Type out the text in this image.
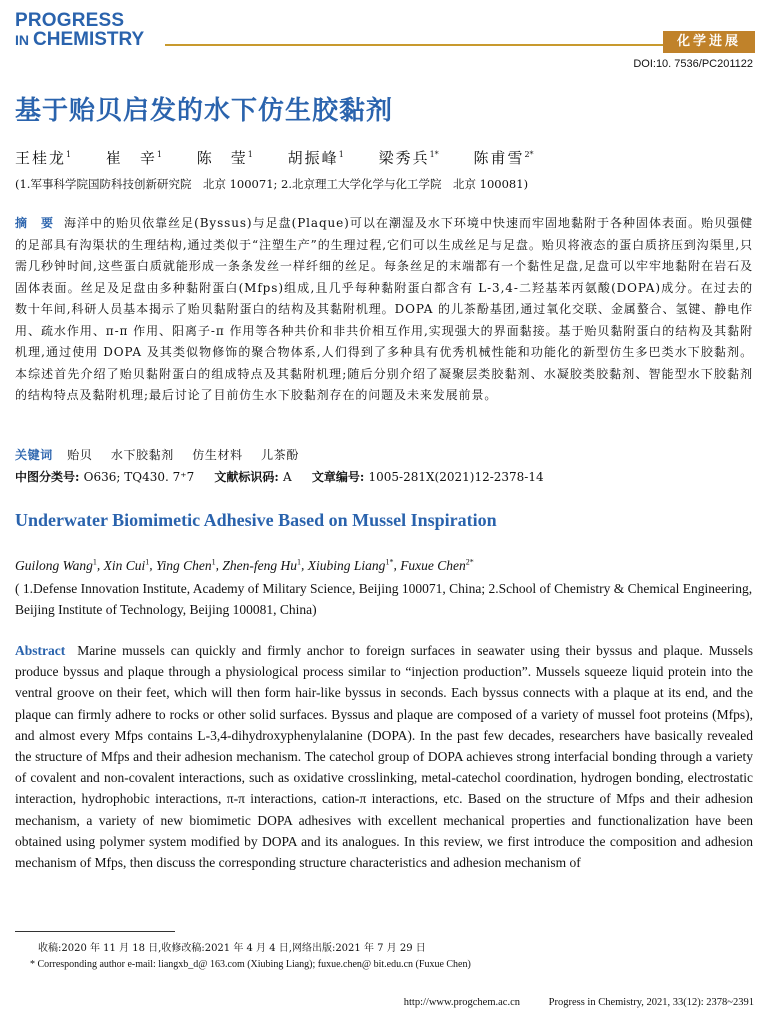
PROGRESS
IN CHEMISTRY	化学进展
DOI:10. 7536/PC201122
基于贻贝启发的水下仿生胶黏剂
王桂龙$^1$ 崔　辛$^1$ 陈　莹$^1$ 胡振峰$^1$ 梁秀兵$^{1*}$ 陈甫雪$^{2*}$
(1.军事科学院国防科技创新研究院　北京 100071; 2.北京理工大学化学与化工学院　北京 100081)
摘　要 海洋中的贻贝依靠丝足(Byssus)与足盘(Plaque)可以在潮湿及水下环境中快速而牢固地黏附于各种固体表面。贻贝强健的足部具有沟渠状的生理结构,通过类似于“注塑生产”的生理过程,它们可以生成丝足与足盘。贻贝将液态的蛋白质挤压到沟渠里,只需几秒钟时间,这些蛋白质就能形成一条条发丝一样纤细的丝足。每条丝足的末端都有一个黏性足盘,足盘可以牢牢地黏附在岩石及固体表面。丝足及足盘由多种黏附蛋白(Mfps)组成,且几乎每种黏附蛋白都含有 L-3,4-二羟基苯丙氨酸(DOPA)成分。在过去的数十年间,科研人员基本揭示了贻贝黏附蛋白的结构及其黏附机理。DOPA 的儿茶酚基团,通过氧化交联、金属螯合、氢键、静电作用、疏水作用、π-π 作用、阳离子-π 作用等各种共价和非共价相互作用,实现强大的界面黏接。基于贻贝黏附蛋白的结构及其黏附机理,通过使用 DOPA 及其类似物修饰的聚合物体系,人们得到了多种具有优秀机械性能和功能化的新型仿生多巴类水下胶黏剂。本综述首先介绍了贻贝黏附蛋白的组成特点及其黏附机理;随后分别介绍了凝聚层类胶黏剂、水凝胶类胶黏剂、智能型水下胶黏剂的结构特点及黏附机理;最后讨论了目前仿生水下胶黏剂存在的问题及未来发展前景。
关键词 贻贝 水下胶黏剂 仿生材料 儿茶酚
中图分类号: O636; TQ430. 7⁺7 文献标识码: A 文章编号: 1005-281X(2021)12-2378-14
Underwater Biomimetic Adhesive Based on Mussel Inspiration
Guilong Wang$^1$, Xin Cui$^1$, Ying Chen$^1$, Zhen-feng Hu$^1$, Xiubing Liang$^{1*}$, Fuxue Chen$^{2*}$
( 1.Defense Innovation Institute, Academy of Military Science, Beijing 100071, China; 2.School of Chemistry & Chemical Engineering, Beijing Institute of Technology, Beijing 100081, China)
Abstract Marine mussels can quickly and firmly anchor to foreign surfaces in seawater using their byssus and plaque. Mussels produce byssus and plaque through a physiological process similar to “injection production”. Mussels squeeze liquid protein into the ventral groove on their feet, which will then form hair-like byssus in seconds. Each byssus connects with a plaque at its end, and the plaque can firmly adhere to rocks or other solid surfaces. Byssus and plaque are composed of a variety of mussel foot proteins (Mfps), and almost every Mfps contains L-3,4-dihydroxyphenylalanine (DOPA). In the past few decades, researchers have basically revealed the structure of Mfps and their adhesion mechanism. The catechol group of DOPA achieves strong interfacial bonding through a variety of covalent and non-covalent interactions, such as oxidative crosslinking, metal-catechol coordination, hydrogen bonding, electrostatic interaction, hydrophobic interactions, π-π interactions, cation-π interactions, etc. Based on the structure of Mfps and their adhesion mechanism, a variety of new biomimetic DOPA adhesives with excellent mechanical properties and functionalization have been obtained using polymer system modified by DOPA and its analogues. In this review, we first introduce the composition and adhesion mechanism of Mfps, then discuss the corresponding structure characteristics and adhesion mechanism of
收稿:2020 年 11 月 18 日,收修改稿:2021 年 4 月 4 日,网络出版:2021 年 7 月 29 日
* Corresponding author e-mail: liangxb_d@ 163.com (Xiubing Liang); fuxue.chen@ bit.edu.cn (Fuxue Chen)
http://www.progchem.ac.cn	Progress in Chemistry, 2021, 33(12): 2378~2391
